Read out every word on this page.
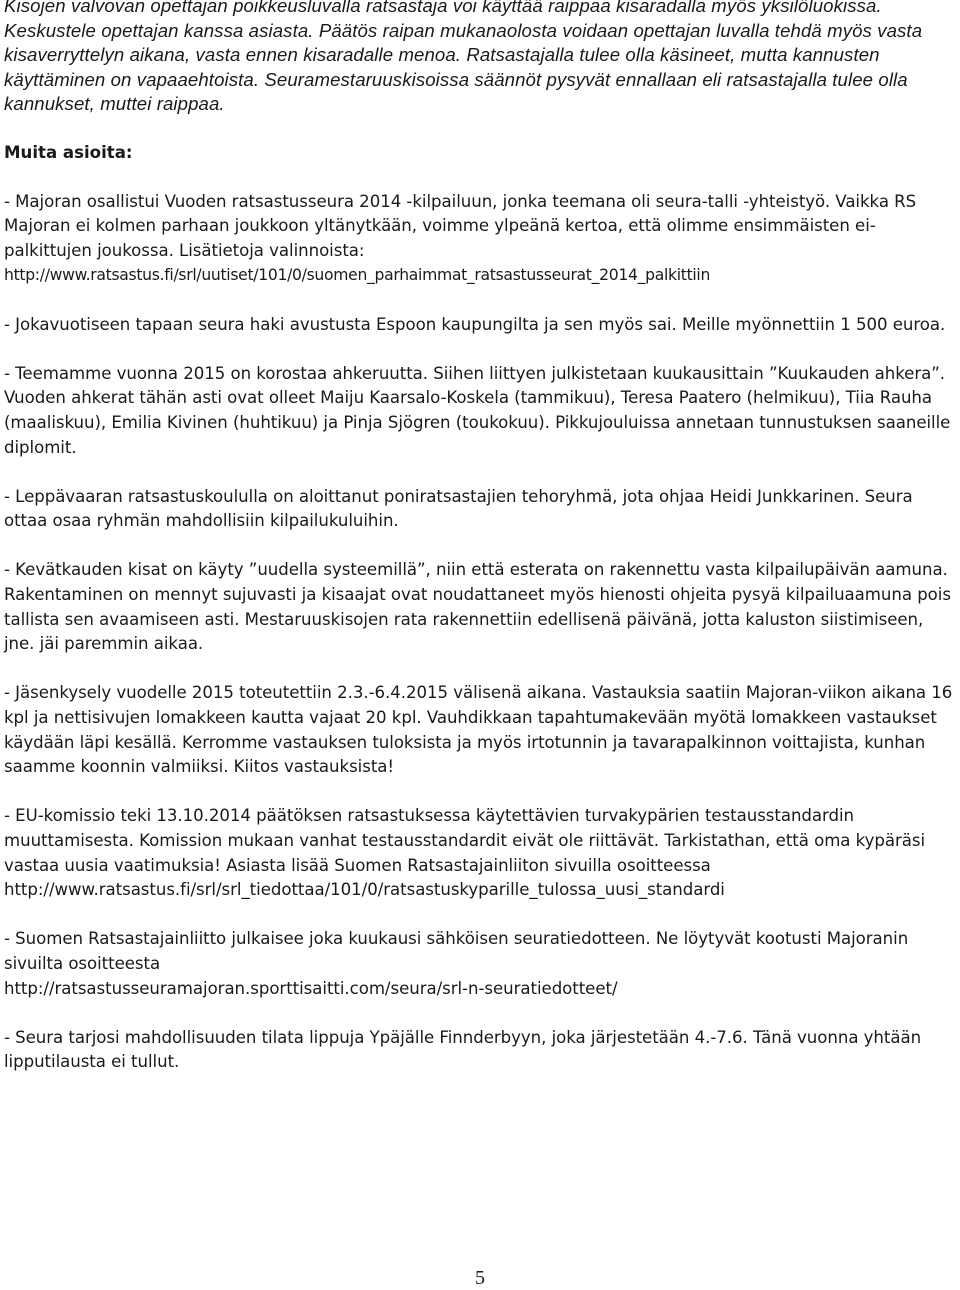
Kisojen valvovan opettajan poikkeusluvalla ratsastaja voi käyttää raippaa kisaradalla myös yksilöluokissa. Keskustele opettajan kanssa asiasta. Päätös raipan mukanaolosta voidaan opettajan luvalla tehdä myös vasta kisaverryttelyn aikana, vasta ennen kisaradalle menoa. Ratsastajalla tulee olla käsineet, mutta kannusten käyttäminen on vapaaehtoista. Seuramestaruuskisoissa säännöt pysyvät ennallaan eli ratsastajalla tulee olla kannukset, muttei raippaa.

Muita asioita:

- Majoran osallistui Vuoden ratsastusseura 2014 -kilpailuun, jonka teemana oli seura-talli -yhteistyö. Vaikka RS Majoran ei kolmen parhaan joukkoon yltänytkään, voimme ylpeänä kertoa, että olimme ensimmäisten ei-palkittujen joukossa. Lisätietoja valinnoista:
http://www.ratsastus.fi/srl/uutiset/101/0/suomen_parhaimmat_ratsastusseurat_2014_palkittiin

- Jokavuotiseen tapaan seura haki avustusta Espoon kaupungilta ja sen myös sai. Meille myönnettiin 1 500 euroa.

- Teemamme vuonna 2015 on korostaa ahkeruutta. Siihen liittyen julkistetaan kuukausittain ”Kuukauden ahkera”. Vuoden ahkerat tähän asti ovat olleet Maiju Kaarsalo-Koskela (tammikuu), Teresa Paatero (helmikuu), Tiia Rauha (maaliskuu), Emilia Kivinen (huhtikuu) ja Pinja Sjögren (toukokuu). Pikkujouluissa annetaan tunnustuksen saaneille diplomit.

- Leppävaaran ratsastuskoululla on aloittanut poniratsastajien tehoryhmä, jota ohjaa Heidi Junkkarinen. Seura ottaa osaa ryhmän mahdollisiin kilpailukuluihin.

- Kevätkauden kisat on käyty ”uudella systeemillä”, niin että esterata on rakennettu vasta kilpailupäivän aamuna. Rakentaminen on mennyt sujuvasti ja kisaajat ovat noudattaneet myös hienosti ohjeita pysyä kilpailuaamuna pois tallista sen avaamiseen asti. Mestaruuskisojen rata rakennettiin edellisenä päivänä, jotta kaluston siistimiseen, jne. jäi paremmin aikaa.

- Jäsenkysely vuodelle 2015 toteutettiin 2.3.-6.4.2015 välisenä aikana. Vastauksia saatiin Majoran-viikon aikana 16 kpl ja nettisivujen lomakkeen kautta vajaat 20 kpl. Vauhdikkaan tapahtumakevään myötä lomakkeen vastaukset käydään läpi kesällä. Kerromme vastauksen tuloksista ja myös irtotunnin ja tavarapalkinnon voittajista, kunhan saamme koonnin valmiiksi. Kiitos vastauksista!

- EU-komissio teki 13.10.2014 päätöksen ratsastuksessa käytettävien turvakypärien testausstandardin muuttamisesta. Komission mukaan vanhat testausstandardit eivät ole riittävät. Tarkistathan, että oma kypäräsi vastaa uusia vaatimuksia! Asiasta lisää Suomen Ratsastajainliiton sivuilla osoitteessa
http://www.ratsastus.fi/srl/srl_tiedottaa/101/0/ratsastuskyparille_tulossa_uusi_standardi

- Suomen Ratsastajainliitto julkaisee joka kuukausi sähköisen seuratiedotteen. Ne löytyvät kootusti Majoranin sivuilta osoitteesta
http://ratsastusseuramajoran.sporttisaitti.com/seura/srl-n-seuratiedotteet/

- Seura tarjosi mahdollisuuden tilata lippuja Ypäjälle Finnderbyyn, joka järjestetään 4.-7.6. Tänä vuonna yhtään lipputilausta ei tullut.

5
